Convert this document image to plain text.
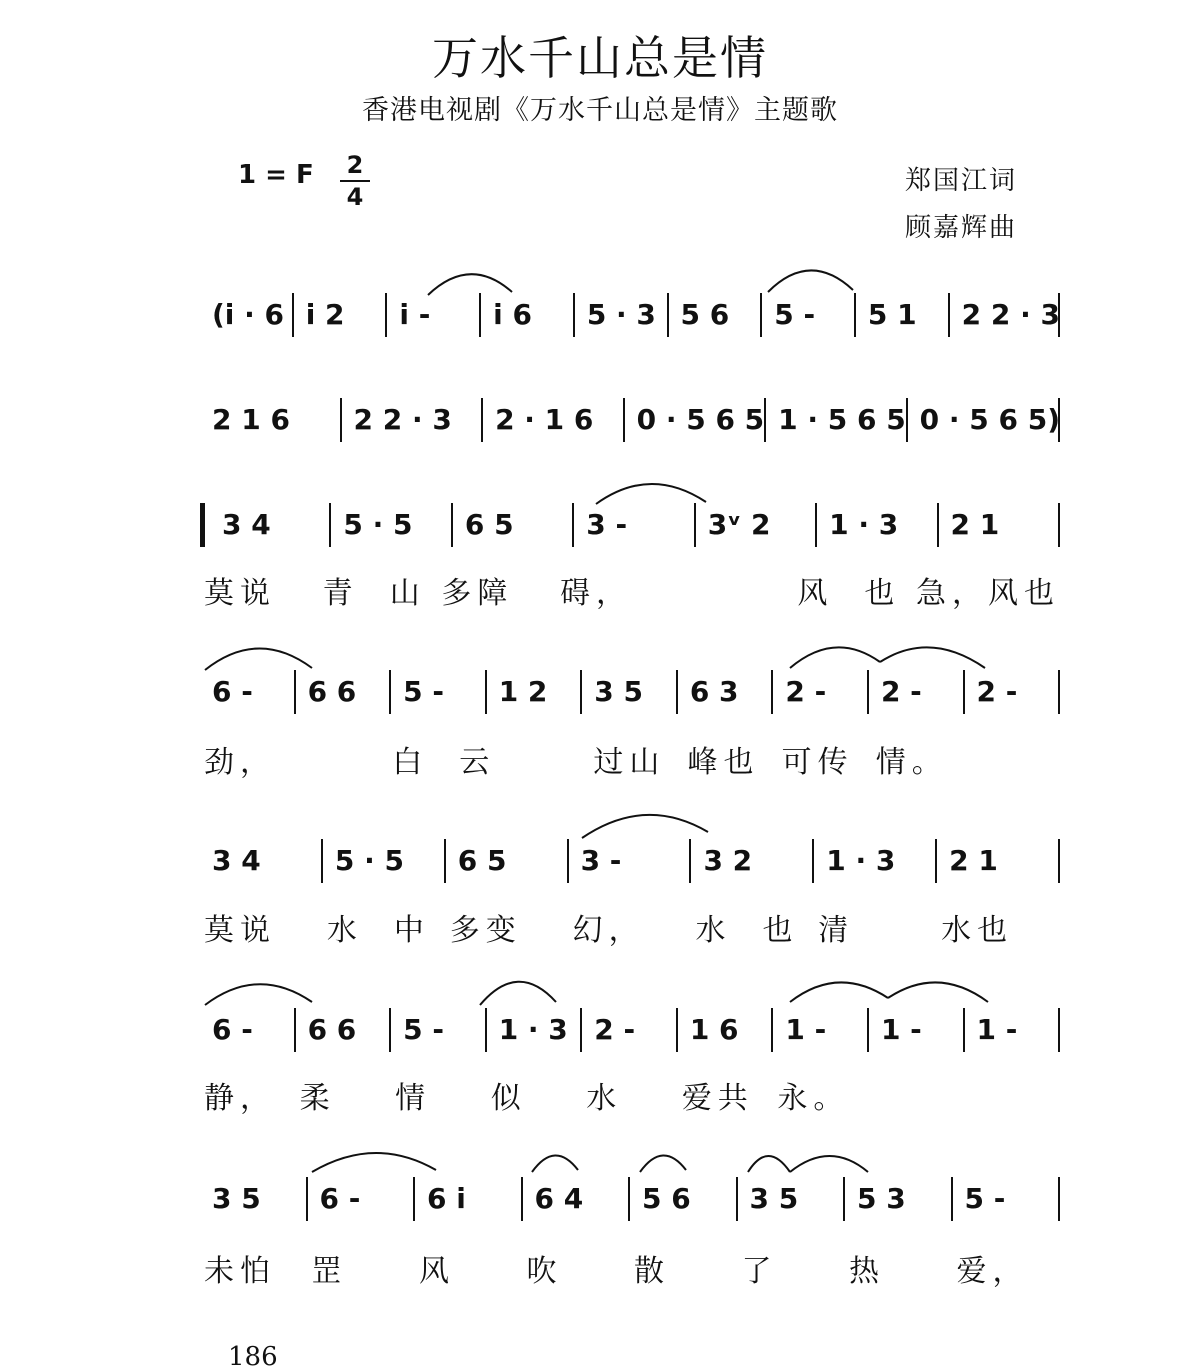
万水千山总是情
香港电视剧《万水千山总是情》主题歌
1 = F 2
4
郑国江词
顾嘉辉曲
(i · 6 i 2	i -	i 6	5 · 3 5 6	5 -	5 1	2 2 · 3
2 1 6	2 2 · 3	2 · 1 6	0 · 5 6 5 1 · 5 6 5 0 · 5 6 5)
3 4	5 · 5	6 5	3 -	3ᵛ 2	1 · 3	2 1
莫说	青  山 多障	碍，	风  也 急，风也
6 -	6 6	5 -	1 2	3 5	6 3	2 -	2 -	2 -
劲，	白  云	过山 峰也 可传 情。
3 4	5 · 5	6 5	3 -	3 2	1 · 3	2 1
莫说	水  中 多变	幻，	水  也 清	水也
6 -	6 6	5 -	1 · 3 2 -	1 6	1 -	1 -	1 -
静， 柔	情	似	水	爱共 永。
3 5	6 -	6 i	6 4	5 6	3 5	5 3	5 -
未怕	罡	风	吹	散	了	热	爱，
186
